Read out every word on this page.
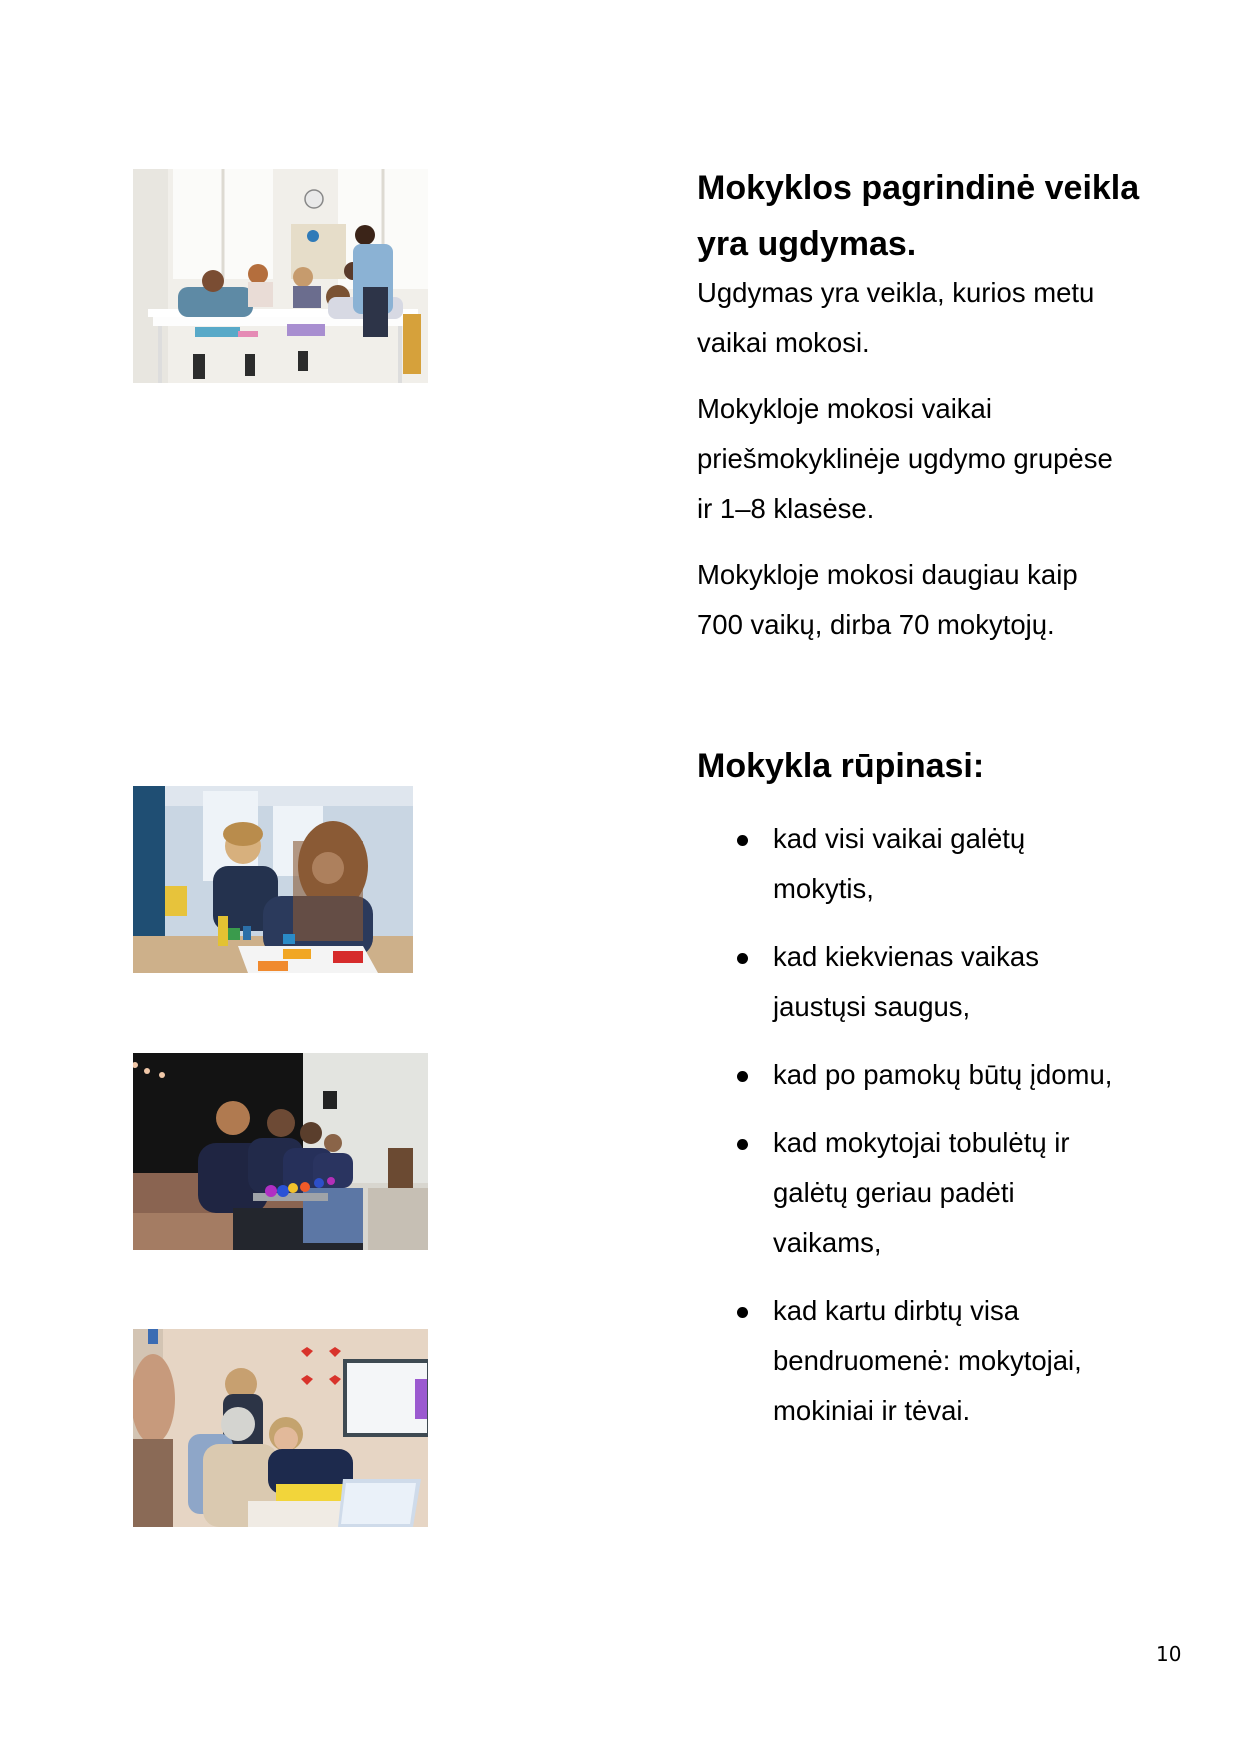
Mokyklos pagrindinė veikla
yra ugdymas.

Ugdymas yra veikla, kurios metu
vaikai mokosi.

Mokykloje mokosi vaikai
priešmokyklinėje ugdymo grupėse
ir 1–8 klasėse.

Mokykloje mokosi daugiau kaip
700 vaikų, dirba 70 mokytojų.

Mokykla rūpinasi:
kad visi vaikai galėtų
mokytis,
kad kiekvienas vaikas
jaustųsi saugus,
kad po pamokų būtų įdomu,
kad mokytojai tobulėtų ir
galėtų geriau padėti
vaikams,
kad kartu dirbtų visa
bendruomenė: mokytojai,
mokiniai ir tėvai.
10
